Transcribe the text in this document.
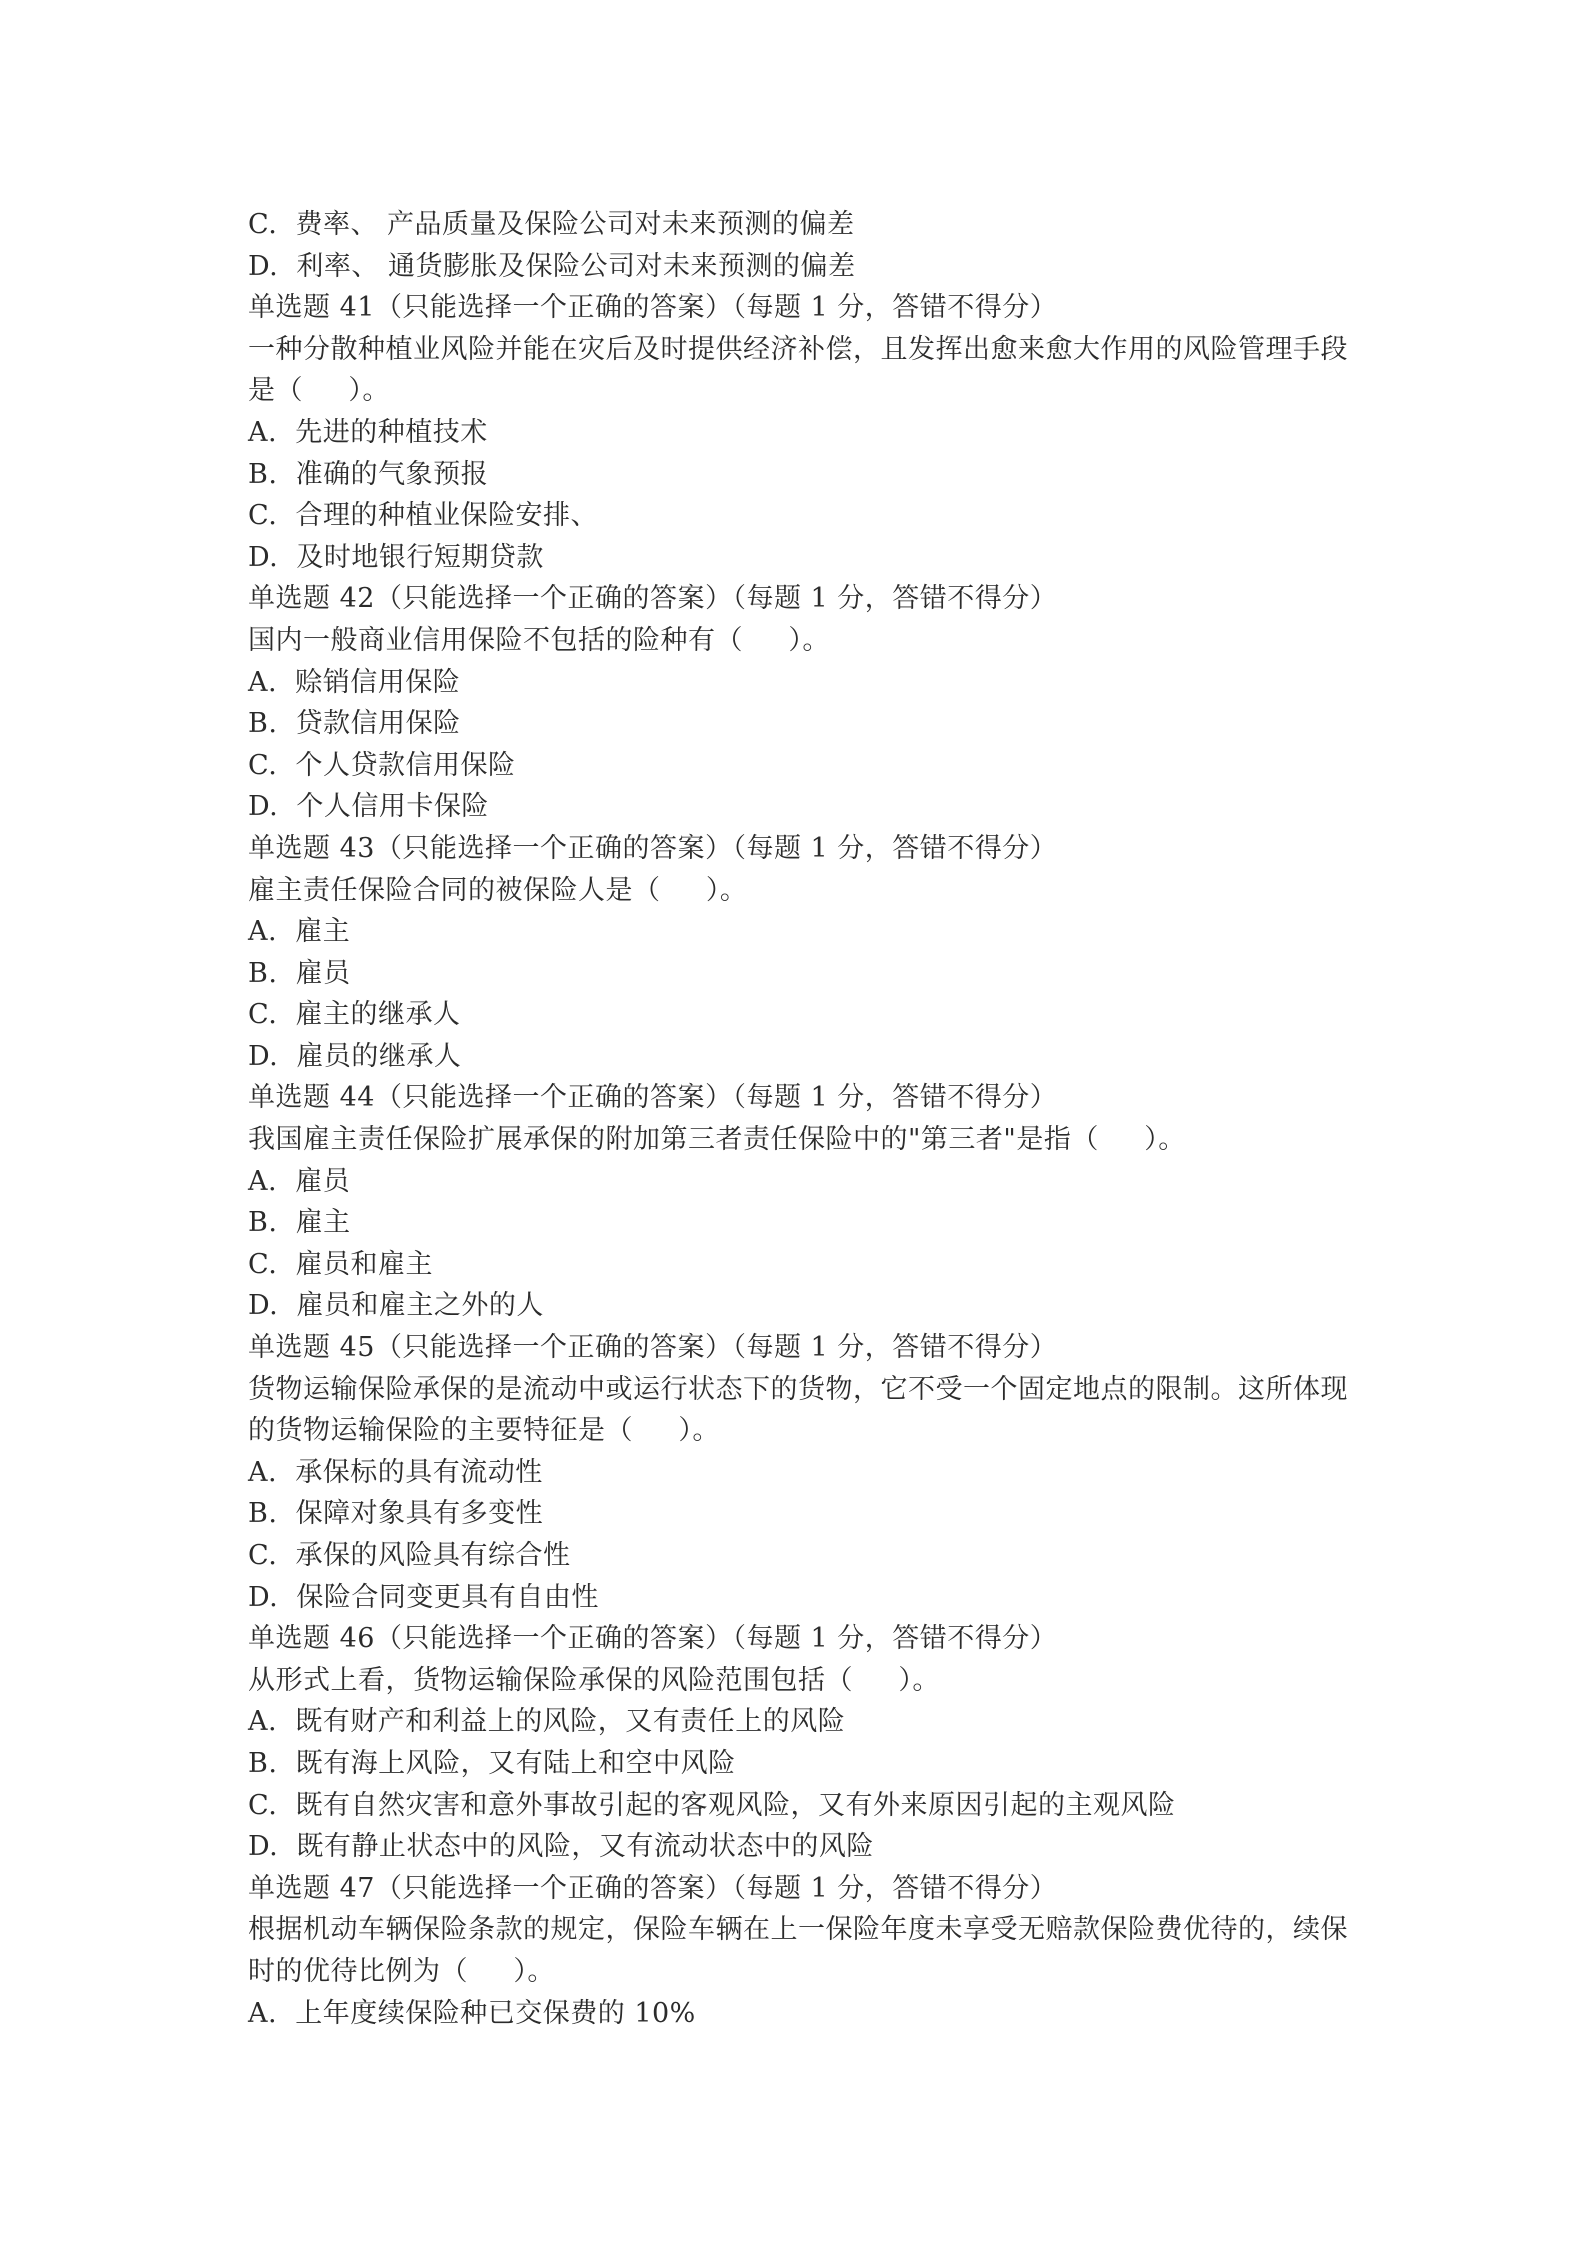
C.  费率、 产品质量及保险公司对未来预测的偏差
D.  利率、 通货膨胀及保险公司对未来预测的偏差
单选题 41（只能选择一个正确的答案）（每题 1 分，答错不得分）
一种分散种植业风险并能在灾后及时提供经济补偿，且发挥出愈来愈大作用的风险管理手段
是（     ）。
A.  先进的种植技术
B.  准确的气象预报
C.  合理的种植业保险安排、
D.  及时地银行短期贷款
单选题 42（只能选择一个正确的答案）（每题 1 分，答错不得分）
国内一般商业信用保险不包括的险种有（     ）。
A.  赊销信用保险
B.  贷款信用保险
C.  个人贷款信用保险
D.  个人信用卡保险
单选题 43（只能选择一个正确的答案）（每题 1 分，答错不得分）
雇主责任保险合同的被保险人是（     ）。
A.  雇主
B.  雇员
C.  雇主的继承人
D.  雇员的继承人
单选题 44（只能选择一个正确的答案）（每题 1 分，答错不得分）
我国雇主责任保险扩展承保的附加第三者责任保险中的"第三者"是指（     ）。
A.  雇员
B.  雇主
C.  雇员和雇主
D.  雇员和雇主之外的人
单选题 45（只能选择一个正确的答案）（每题 1 分，答错不得分）
货物运输保险承保的是流动中或运行状态下的货物，它不受一个固定地点的限制。这所体现
的货物运输保险的主要特征是（     ）。
A.  承保标的具有流动性
B.  保障对象具有多变性
C.  承保的风险具有综合性
D.  保险合同变更具有自由性
单选题 46（只能选择一个正确的答案）（每题 1 分，答错不得分）
从形式上看，货物运输保险承保的风险范围包括（     ）。
A.  既有财产和利益上的风险，又有责任上的风险
B.  既有海上风险，又有陆上和空中风险
C.  既有自然灾害和意外事故引起的客观风险，又有外来原因引起的主观风险
D.  既有静止状态中的风险，又有流动状态中的风险
单选题 47（只能选择一个正确的答案）（每题 1 分，答错不得分）
根据机动车辆保险条款的规定，保险车辆在上一保险年度未享受无赔款保险费优待的，续保
时的优待比例为（     ）。
A.  上年度续保险种已交保费的 10%
